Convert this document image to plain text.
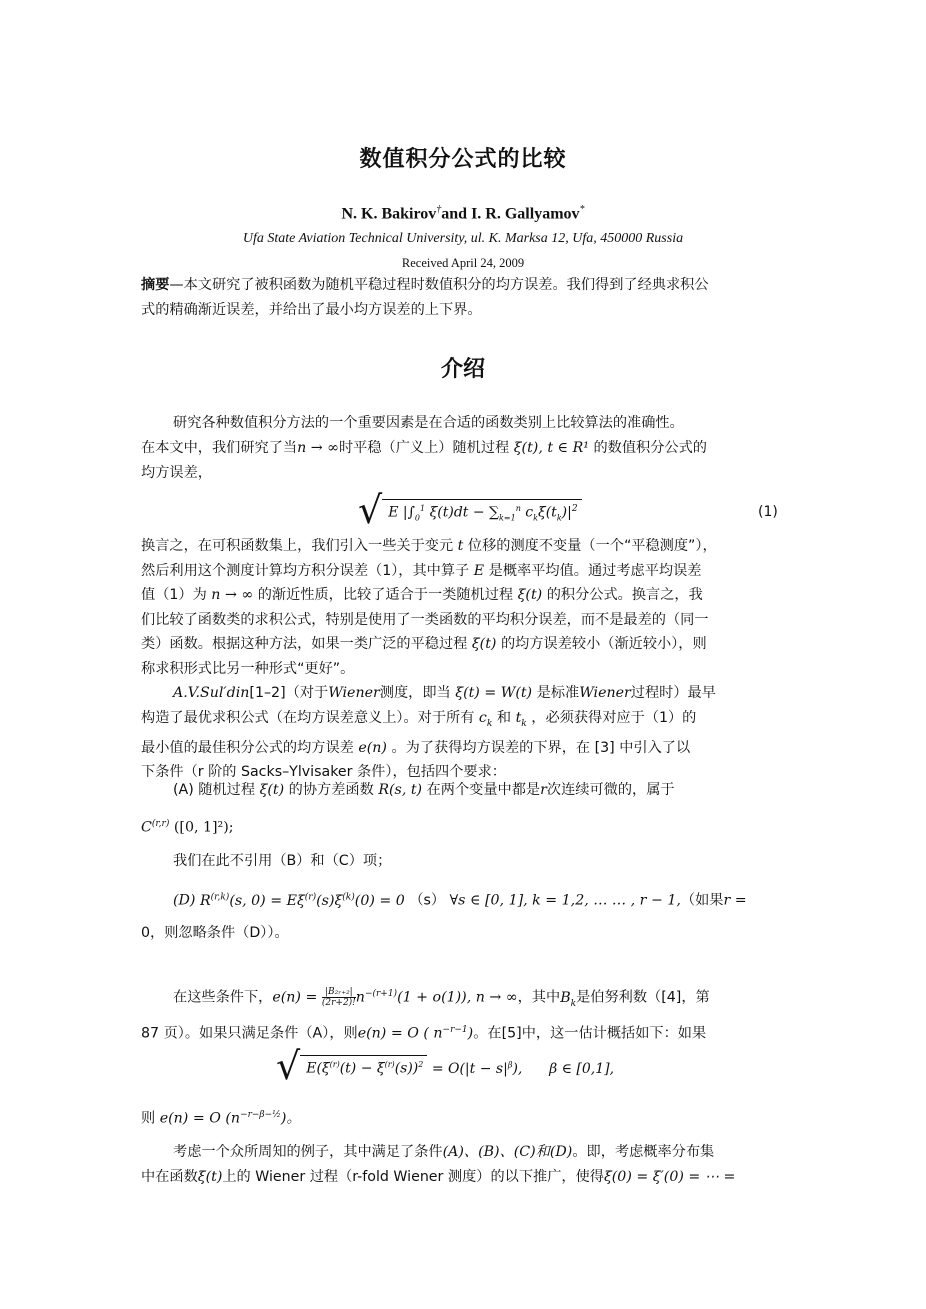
数值积分公式的比较
N. K. Bakirov†and I. R. Gallyamov*
Ufa State Aviation Technical University, ul. K. Marksa 12, Ufa, 450000 Russia
Received April 24, 2009
摘要—本文研究了被积函数为随机平稳过程时数值积分的均方误差。我们得到了经典求积公
式的精确渐近误差，并给出了最小均方误差的上下界。
介绍
研究各种数值积分方法的一个重要因素是在合适的函数类别上比较算法的准确性。
在本文中，我们研究了当n → ∞时平稳（广义上）随机过程 ξ(t), t ∈ R¹ 的数值积分公式的
均方误差，
√ E $|\int_0^1$ $\xi(t)dt - \sum_{k=1}^n$ $c_k\xi(t_k)|^2$	(1)
换言之，在可积函数集上，我们引入一些关于变元 t 位移的测度不变量（一个“平稳测度”），
然后利用这个测度计算均方积分误差（1），其中算子 E 是概率平均值。通过考虑平均误差
值（1）为 n → ∞ 的渐近性质，比较了适合于一类随机过程 ξ(t) 的积分公式。换言之，我
们比较了函数类的求积公式，特别是使用了一类函数的平均积分误差，而不是最差的（同一
类）函数。根据这种方法，如果一类广泛的平稳过程 ξ(t) 的均方误差较小（渐近较小），则
称求积形式比另一种形式“更好”。
A.V.Sul′din[1–2]（对于Wiener测度，即当 ξ(t) = W(t) 是标准Wiener过程时）最早
构造了最优求积公式（在均方误差意义上）。对于所有 $c_k$ 和 $t_k$ ，必须获得对应于（1）的
最小值的最佳积分公式的均方误差 e(n) 。为了获得均方误差的下界，在 [3] 中引入了以
下条件（r 阶的 Sacks–Ylvisaker 条件），包括四个要求：
(A) 随机过程 ξ(t) 的协方差函数 R(s, t) 在两个变量中都是r次连续可微的，属于
C$^{(r,r)}$ ([0, 1]²);
我们在此不引用（B）和（C）项；
(D) R$^{(r,k)}$(s, $0) = E\xi^{(r)}(s)\xi^{(k)}(0) = 0$ （s） ∀s ∈ [0, 1], k = 1,2, … … , r − 1,（如果r =
0，则忽略条件（D））。
在这些条件下，$e(n) = \frac{\text{|B₂ᵣ₊₂|}}{(2r+2)!} n^{-(r+1)}(1 + o(1))$, n → ∞，其中$B_k$是伯努利数（[4]，第
87 页）。如果只满足条件（A），则e(n) = O ( $n^{-r-1}$)。在[5]中，这一估计概括如下：如果
√ $E(\xi^{(r)}(t) - \xi^{(r)}(s))^2 = O(|t - s|^\beta)$, β ∈ [0,1],
则 e(n) = O $(n^{-r-\beta-\frac{1}{2}})$。
考虑一个众所周知的例子，其中满足了条件(A)、(B)、(C)和(D)。即，考虑概率分布集
中在函数ξ(t)上的 Wiener 过程（r-fold Wiener 测度）的以下推广，使得ξ(0) = ξ′(0) = ⋯ =
